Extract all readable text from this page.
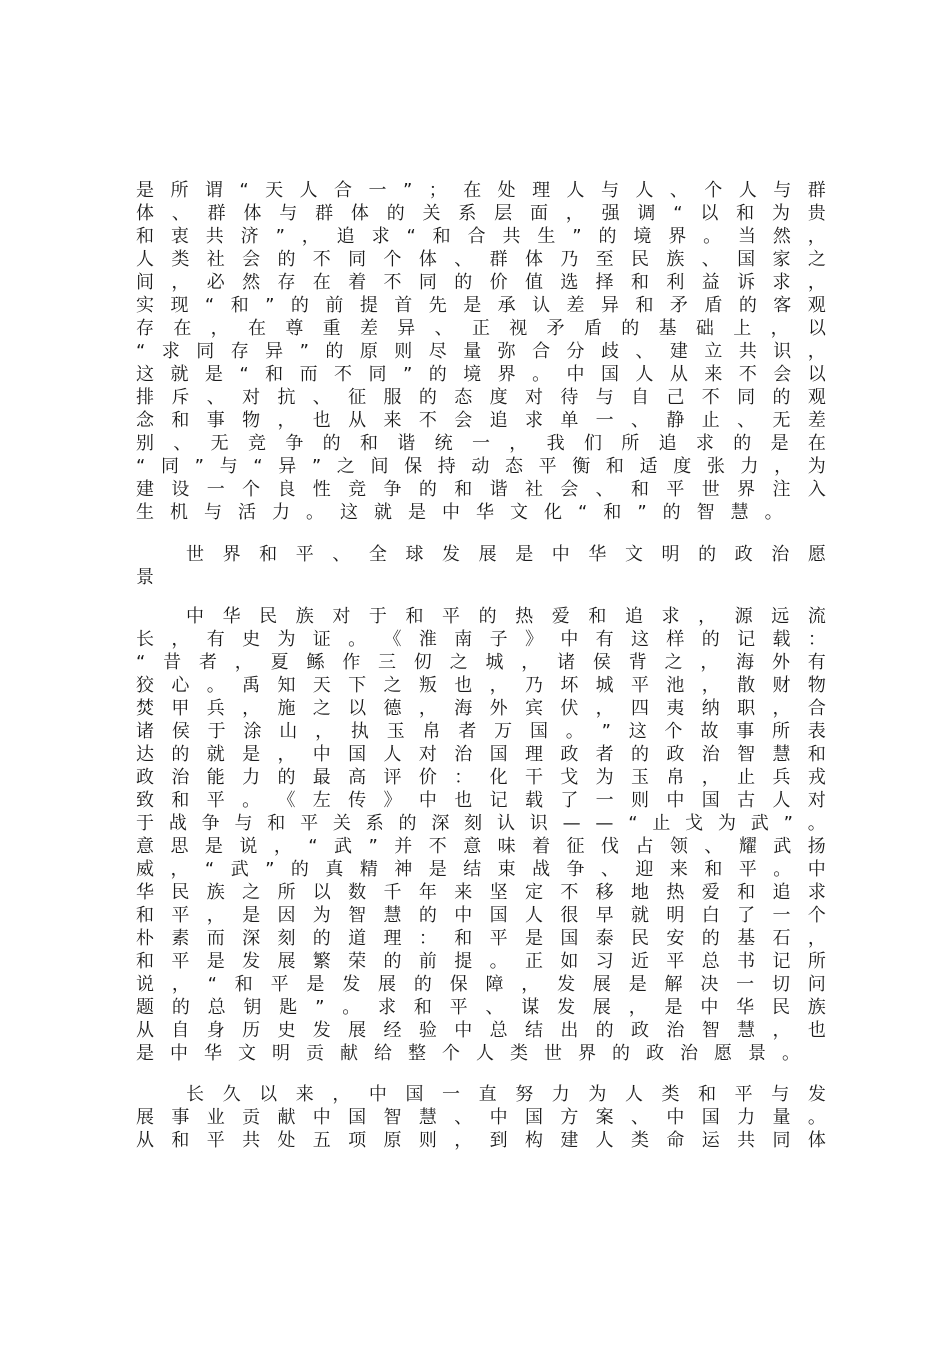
是 所 谓 “ 天 人 合 一 ” ； 在 处 理 人 与 人 、 个 人 与 群
体 、 群 体 与 群 体 的 关 系 层 面 ， 强 调 “ 以 和 为 贵
和 衷 共 济 ” ， 追 求 “ 和 合 共 生 ” 的 境 界 。 当 然 ，
人 类 社 会 的 不 同 个 体 、 群 体 乃 至 民 族 、 国 家 之
间 ， 必 然 存 在 着 不 同 的 价 值 选 择 和 利 益 诉 求 ，
实 现 “ 和 ” 的 前 提 首 先 是 承 认 差 异 和 矛 盾 的 客 观
存 在 ， 在 尊 重 差 异 、 正 视 矛 盾 的 基 础 上 ， 以
“ 求 同 存 异 ” 的 原 则 尽 量 弥 合 分 歧 、 建 立 共 识 ，
这 就 是 “ 和 而 不 同 ” 的 境 界 。 中 国 人 从 来 不 会 以
排 斥 、 对 抗 、 征 服 的 态 度 对 待 与 自 己 不 同 的 观
念 和 事 物 ， 也 从 来 不 会 追 求 单 一 、 静 止 、 无 差
别 、 无 竞 争 的 和 谐 统 一 ， 我 们 所 追 求 的 是 在
“ 同 ” 与 “ 异 ” 之 间 保 持 动 态 平 衡 和 适 度 张 力 ， 为
建 设 一 个 良 性 竞 争 的 和 谐 社 会 、 和 平 世 界 注 入
生 机 与 活 力 。 这 就 是 中 华 文 化 “ 和 ” 的 智 慧 。
世 界 和 平 、 全 球 发 展 是 中 华 文 明 的 政 治 愿
景
中 华 民 族 对 于 和 平 的 热 爱 和 追 求 ， 源 远 流
长 ， 有 史 为 证 。 《 淮 南 子 》 中 有 这 样 的 记 载 ：
“ 昔 者 ， 夏 鲧 作 三 仞 之 城 ， 诸 侯 背 之 ， 海 外 有
狡 心 。 禹 知 天 下 之 叛 也 ， 乃 坏 城 平 池 ， 散 财 物
焚 甲 兵 ， 施 之 以 德 ， 海 外 宾 伏 ， 四 夷 纳 职 ， 合
诸 侯 于 涂 山 ， 执 玉 帛 者 万 国 。 ” 这 个 故 事 所 表
达 的 就 是 ， 中 国 人 对 治 国 理 政 者 的 政 治 智 慧 和
政 治 能 力 的 最 高 评 价 ： 化 干 戈 为 玉 帛 ， 止 兵 戎
致 和 平 。 《 左 传 》 中 也 记 载 了 一 则 中 国 古 人 对
于 战 争 与 和 平 关 系 的 深 刻 认 识 — — “ 止 戈 为 武 ” 。
意 思 是 说 ， “ 武 ” 并 不 意 味 着 征 伐 占 领 、 耀 武 扬
威 ， “ 武 ” 的 真 精 神 是 结 束 战 争 、 迎 来 和 平 。 中
华 民 族 之 所 以 数 千 年 来 坚 定 不 移 地 热 爱 和 追 求
和 平 ， 是 因 为 智 慧 的 中 国 人 很 早 就 明 白 了 一 个
朴 素 而 深 刻 的 道 理 ： 和 平 是 国 泰 民 安 的 基 石 ，
和 平 是 发 展 繁 荣 的 前 提 。 正 如 习 近 平 总 书 记 所
说 ， “ 和 平 是 发 展 的 保 障 ， 发 展 是 解 决 一 切 问
题 的 总 钥 匙 ” 。 求 和 平 、 谋 发 展 ， 是 中 华 民 族
从 自 身 历 史 发 展 经 验 中 总 结 出 的 政 治 智 慧 ， 也
是 中 华 文 明 贡 献 给 整 个 人 类 世 界 的 政 治 愿 景 。
长 久 以 来 ， 中 国 一 直 努 力 为 人 类 和 平 与 发
展 事 业 贡 献 中 国 智 慧 、 中 国 方 案 、 中 国 力 量 。
从 和 平 共 处 五 项 原 则 ， 到 构 建 人 类 命 运 共 同 体
